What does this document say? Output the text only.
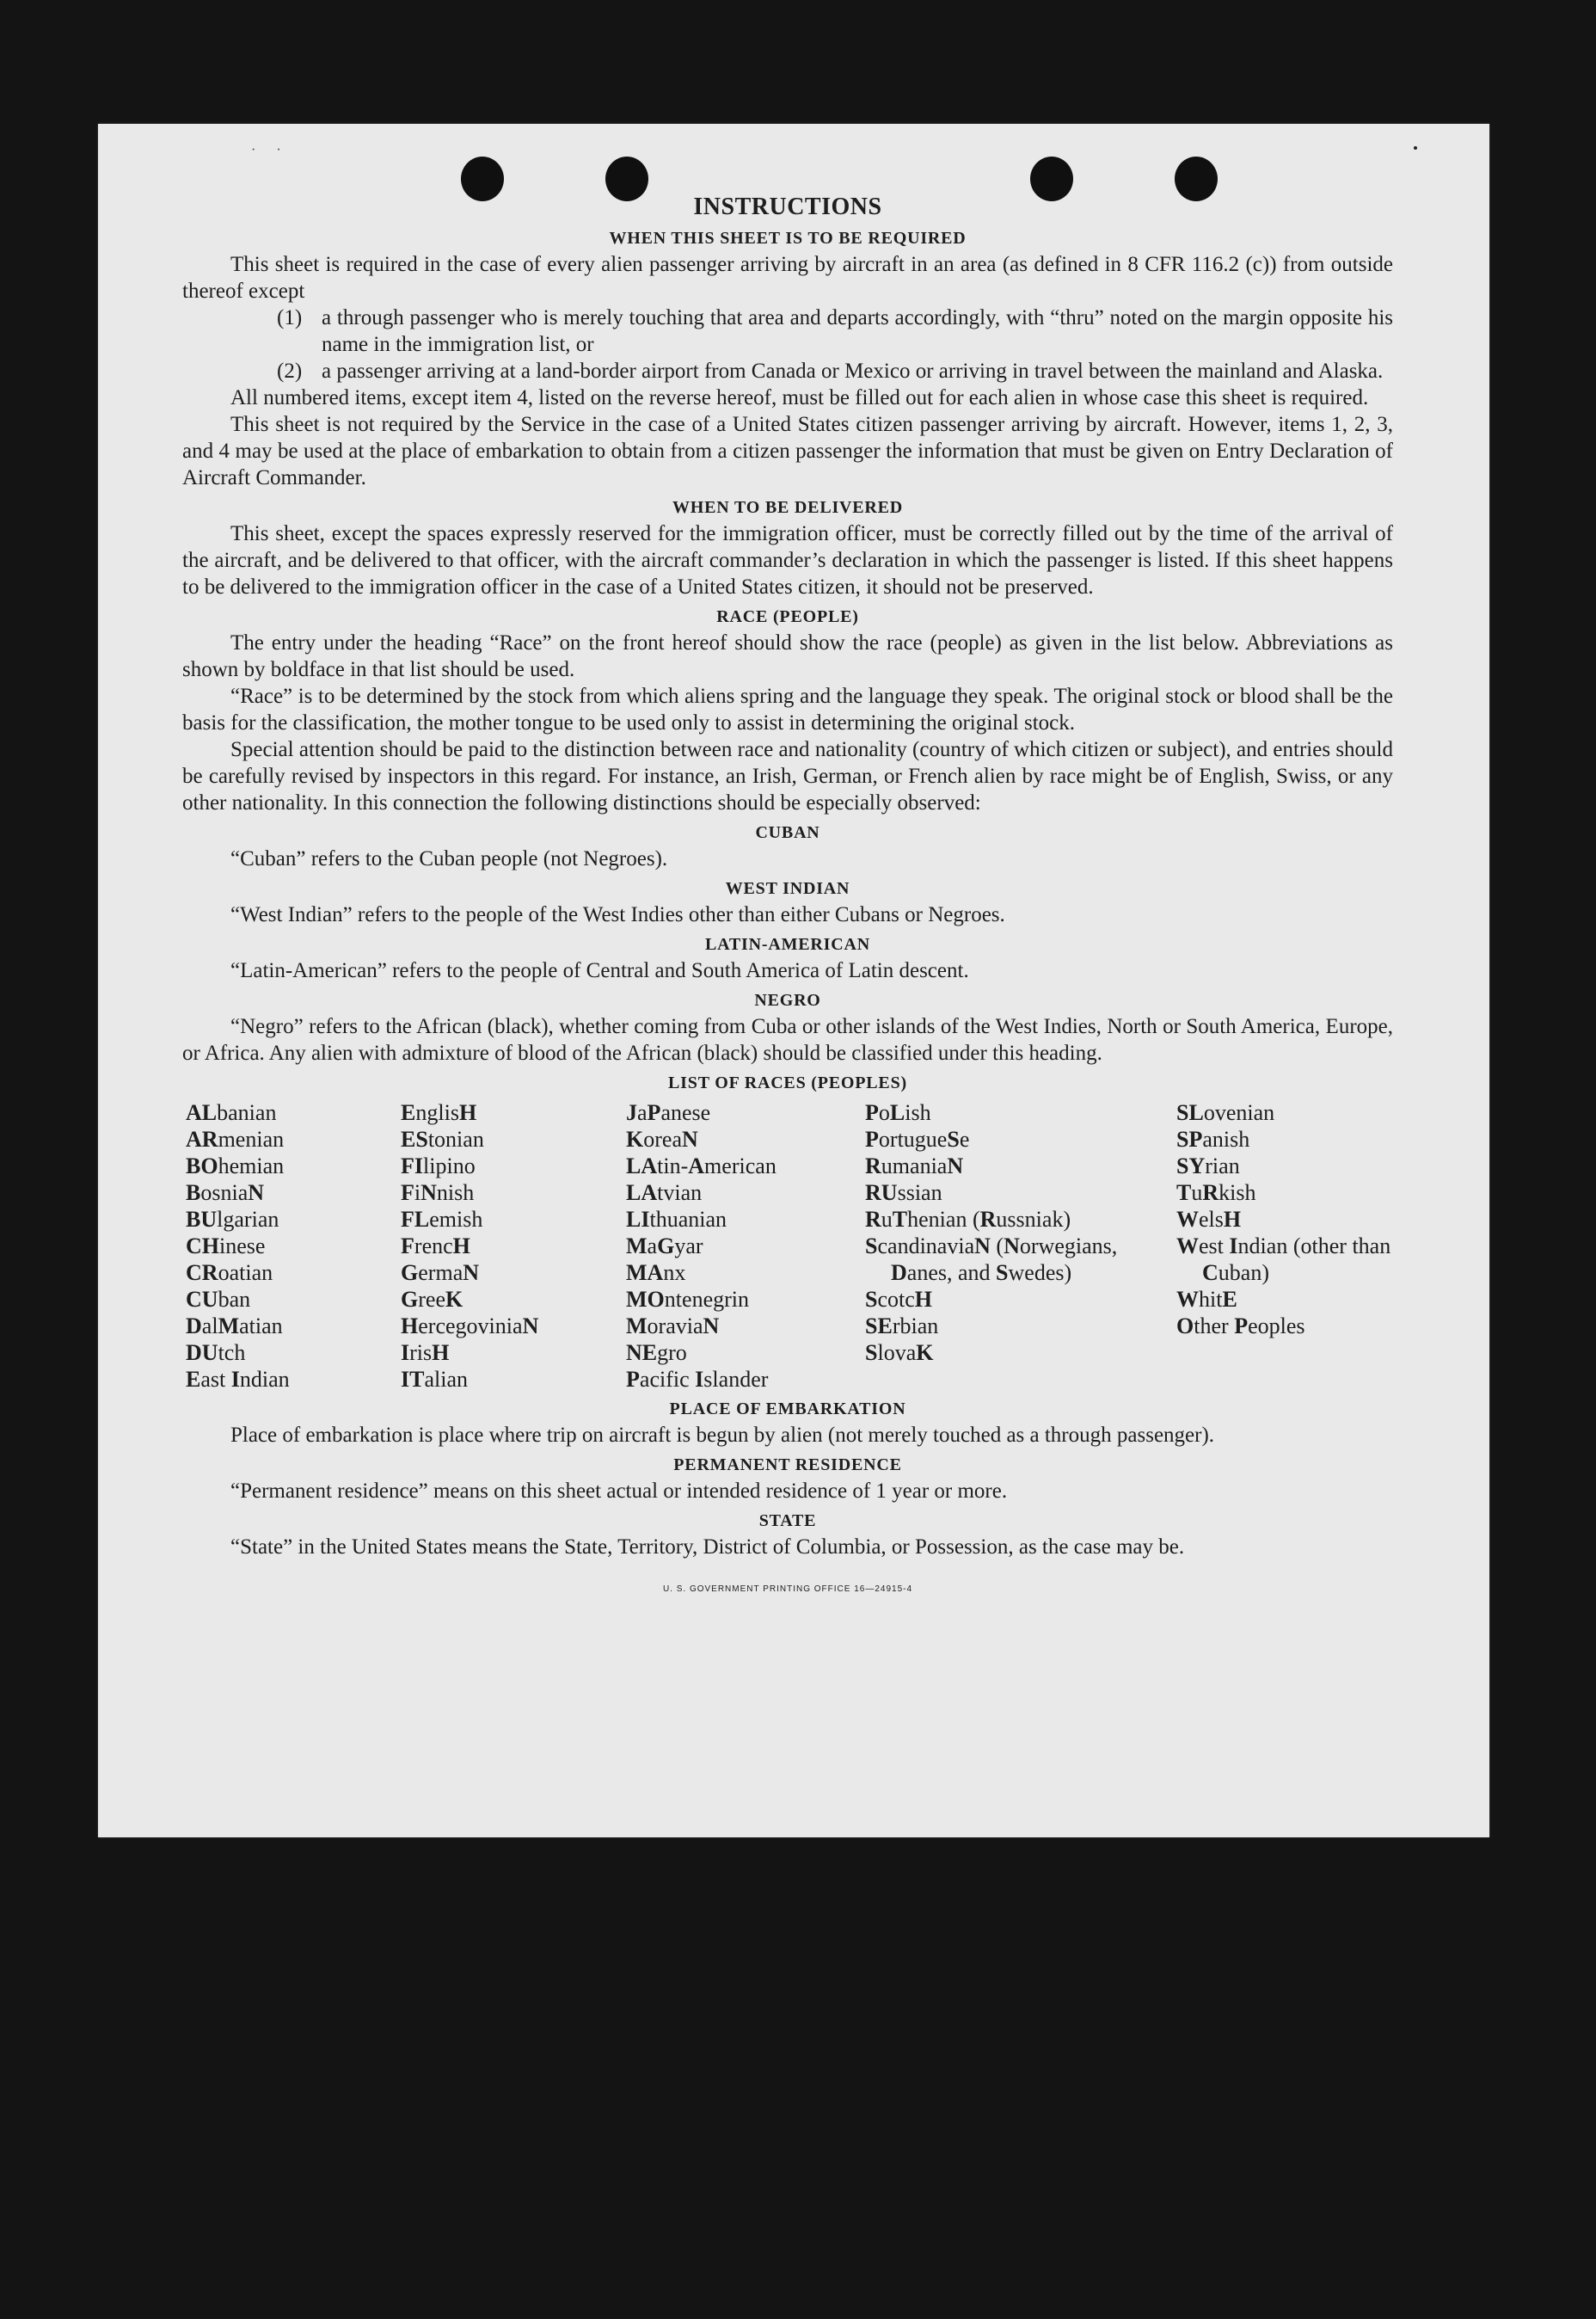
· ·
INSTRUCTIONS
WHEN THIS SHEET IS TO BE REQUIRED

This sheet is required in the case of every alien passenger arriving by aircraft in an area (as defined in 8 CFR 116.2 (c)) from outside thereof except

(1) a through passenger who is merely touching that area and departs accordingly, with “thru” noted on the margin opposite his name in the immigration list, or
(2) a passenger arriving at a land-border airport from Canada or Mexico or arriving in travel between the mainland and Alaska.

All numbered items, except item 4, listed on the reverse hereof, must be filled out for each alien in whose case this sheet is required.

This sheet is not required by the Service in the case of a United States citizen passenger arriving by aircraft. However, items 1, 2, 3, and 4 may be used at the place of embarkation to obtain from a citizen passenger the information that must be given on Entry Declaration of Aircraft Commander.

WHEN TO BE DELIVERED

This sheet, except the spaces expressly reserved for the immigration officer, must be correctly filled out by the time of the arrival of the aircraft, and be delivered to that officer, with the aircraft commander’s declaration in which the passenger is listed. If this sheet happens to be delivered to the immigration officer in the case of a United States citizen, it should not be preserved.

RACE (PEOPLE)

The entry under the heading “Race” on the front hereof should show the race (people) as given in the list below. Abbreviations as shown by boldface in that list should be used.

“Race” is to be determined by the stock from which aliens spring and the language they speak. The original stock or blood shall be the basis for the classification, the mother tongue to be used only to assist in determining the original stock.

Special attention should be paid to the distinction between race and nationality (country of which citizen or subject), and entries should be carefully revised by inspectors in this regard. For instance, an Irish, German, or French alien by race might be of English, Swiss, or any other nationality. In this connection the following distinctions should be especially observed:

CUBAN

“Cuban” refers to the Cuban people (not Negroes).

WEST INDIAN

“West Indian” refers to the people of the West Indies other than either Cubans or Negroes.

LATIN-AMERICAN

“Latin-American” refers to the people of Central and South America of Latin descent.

NEGRO

“Negro” refers to the African (black), whether coming from Cuba or other islands of the West Indies, North or South America, Europe, or Africa. Any alien with admixture of blood of the African (black) should be classified under this heading.

LIST OF RACES (PEOPLES)
ALbanian
ARmenian
BOhemian
BosniaN
BUlgarian
CHinese
CRoatian
CUban
DalMatian
DUtch
East Indian
EnglisH
EStonian
FIlipino
FiNnish
FLemish
FrencH
GermaN
GreeK
HercegoviniaN
IrisH
ITalian
JaPanese
KoreaN
LAtin-American
LAtvian
LIthuanian
MaGyar
MAnx
MOntenegrin
MoraviaN
NEgro
Pacific Islander
PoLish
PortugueSe
RumaniaN
RUssian
RuThenian (Russniak)
ScandinaviaN (Norwegians, Danes, and Swedes)
ScotcH
SErbian
SlovaK
SLovenian
SPanish
SYrian
TuRkish
WelsH
West Indian (other than Cuban)
WhitE
Other Peoples
PLACE OF EMBARKATION

Place of embarkation is place where trip on aircraft is begun by alien (not merely touched as a through passenger).

PERMANENT RESIDENCE

“Permanent residence” means on this sheet actual or intended residence of 1 year or more.

STATE

“State” in the United States means the State, Territory, District of Columbia, or Possession, as the case may be.

U. S. GOVERNMENT PRINTING OFFICE 16—24915-4
